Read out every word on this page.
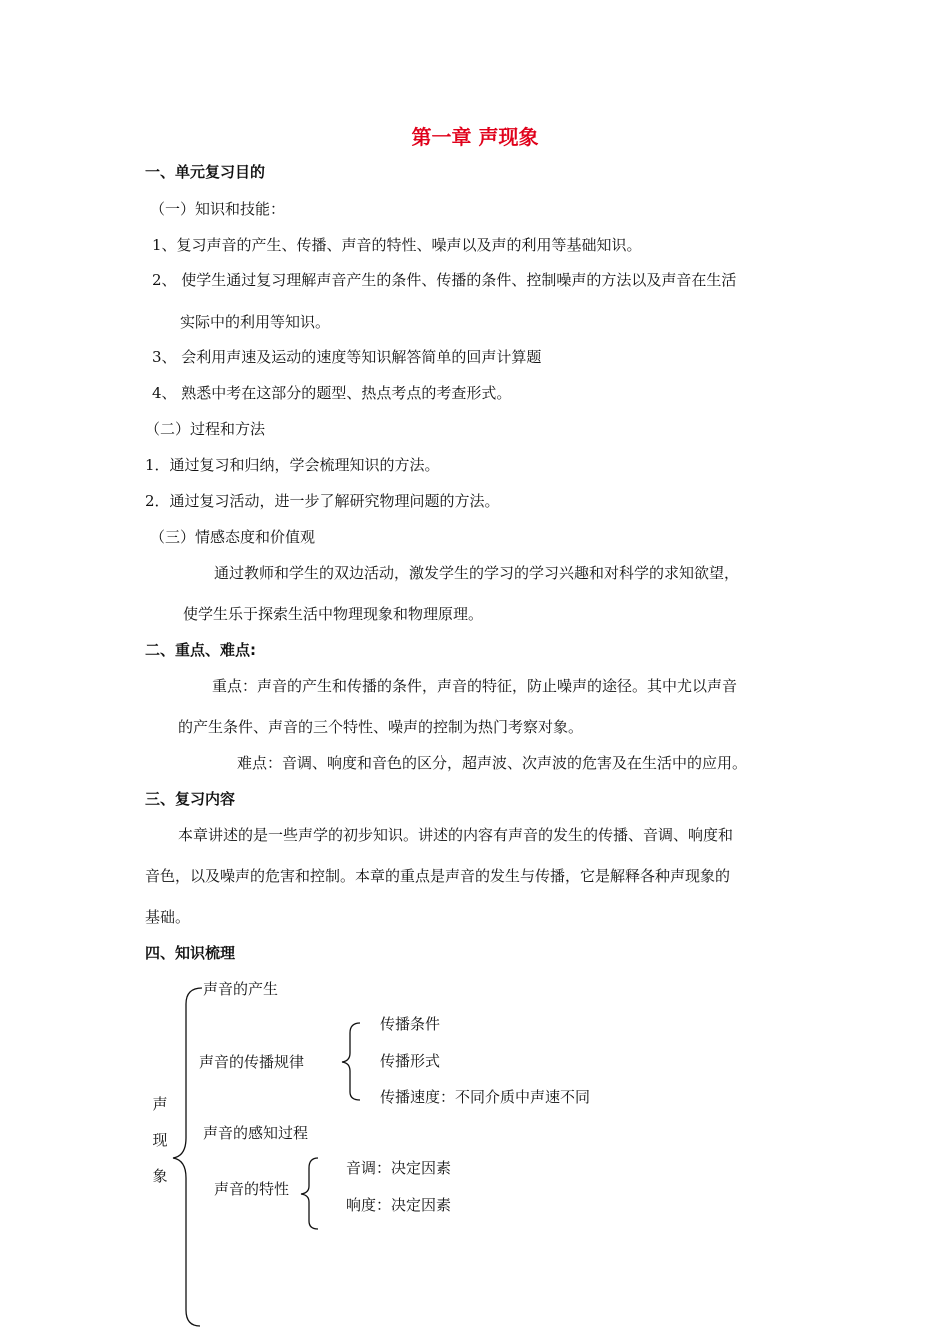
第一章 声现象
一、单元复习目的
（一）知识和技能：
1、复习声音的产生、传播、声音的特性、噪声以及声的利用等基础知识。
2、 使学生通过复习理解声音产生的条件、传播的条件、控制噪声的方法以及声音在生活
实际中的利用等知识。
3、 会利用声速及运动的速度等知识解答简单的回声计算题
4、 熟悉中考在这部分的题型、热点考点的考查形式。
（二）过程和方法
1．通过复习和归纳，学会梳理知识的方法。
2．通过复习活动，进一步了解研究物理问题的方法。
（三）情感态度和价值观
通过教师和学生的双边活动，激发学生的学习的学习兴趣和对科学的求知欲望，
使学生乐于探索生活中物理现象和物理原理。
二、重点、难点:
重点：声音的产生和传播的条件，声音的特征，防止噪声的途径。其中尤以声音
的产生条件、声音的三个特性、噪声的控制为热门考察对象。
难点：音调、响度和音色的区分，超声波、次声波的危害及在生活中的应用。
三、复习内容
本章讲述的是一些声学的初步知识。讲述的内容有声音的发生的传播、音调、响度和
音色，以及噪声的危害和控制。本章的重点是声音的发生与传播，它是解释各种声现象的
基础。
四、知识梳理
声
现
象
声音的产生
声音的传播规律
传播条件
传播形式
传播速度：不同介质中声速不同
声音的感知过程
声音的特性
音调：决定因素
响度：决定因素
